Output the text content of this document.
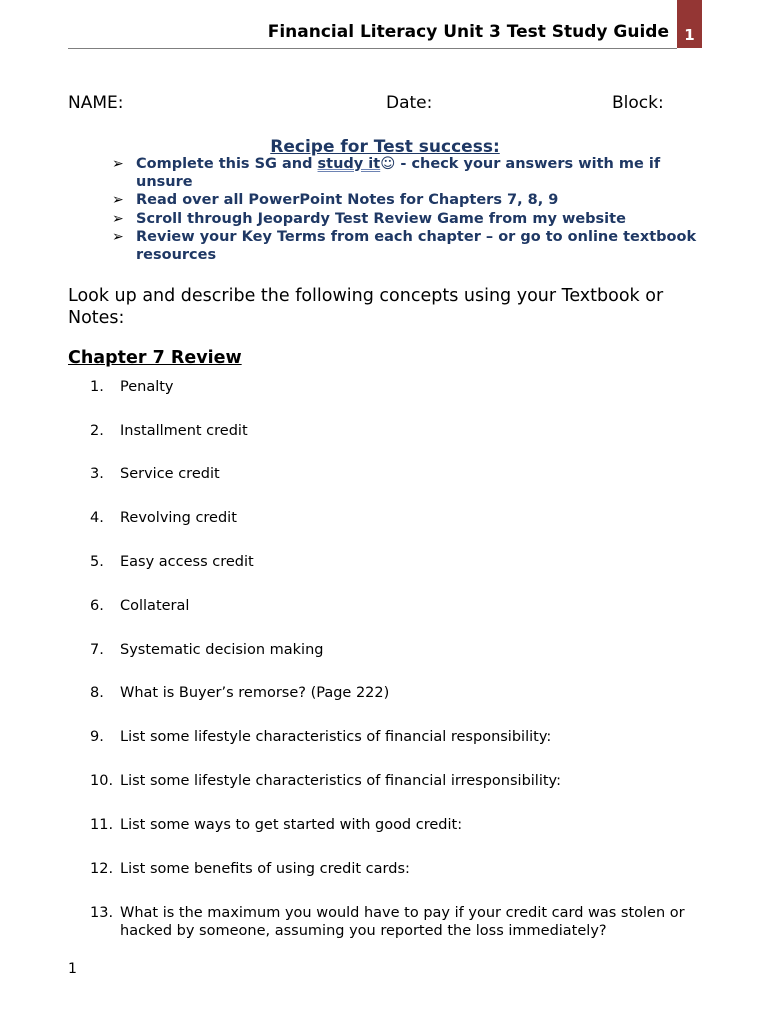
Financial Literacy Unit 3 Test Study Guide	1
NAME:	Date:	Block:
Recipe for Test success:
➢ Complete this SG and study it☺ - check your answers with me if unsure
➢ Read over all PowerPoint Notes for Chapters 7, 8, 9
➢ Scroll through Jeopardy Test Review Game from my website
➢ Review your Key Terms from each chapter – or go to online textbook resources
Look up and describe the following concepts using your Textbook or Notes:
Chapter 7 Review
1.	Penalty
2.	Installment credit
3.	Service credit
4.	Revolving credit
5.	Easy access credit
6.	Collateral
7.	Systematic decision making
8.	What is Buyer’s remorse? (Page 222)
9.	List some lifestyle characteristics of financial responsibility:
10. List some lifestyle characteristics of financial irresponsibility:
11. List some ways to get started with good credit:
12. List some benefits of using credit cards:
13. What is the maximum you would have to pay if your credit card was stolen or hacked by someone, assuming you reported the loss immediately?
1
